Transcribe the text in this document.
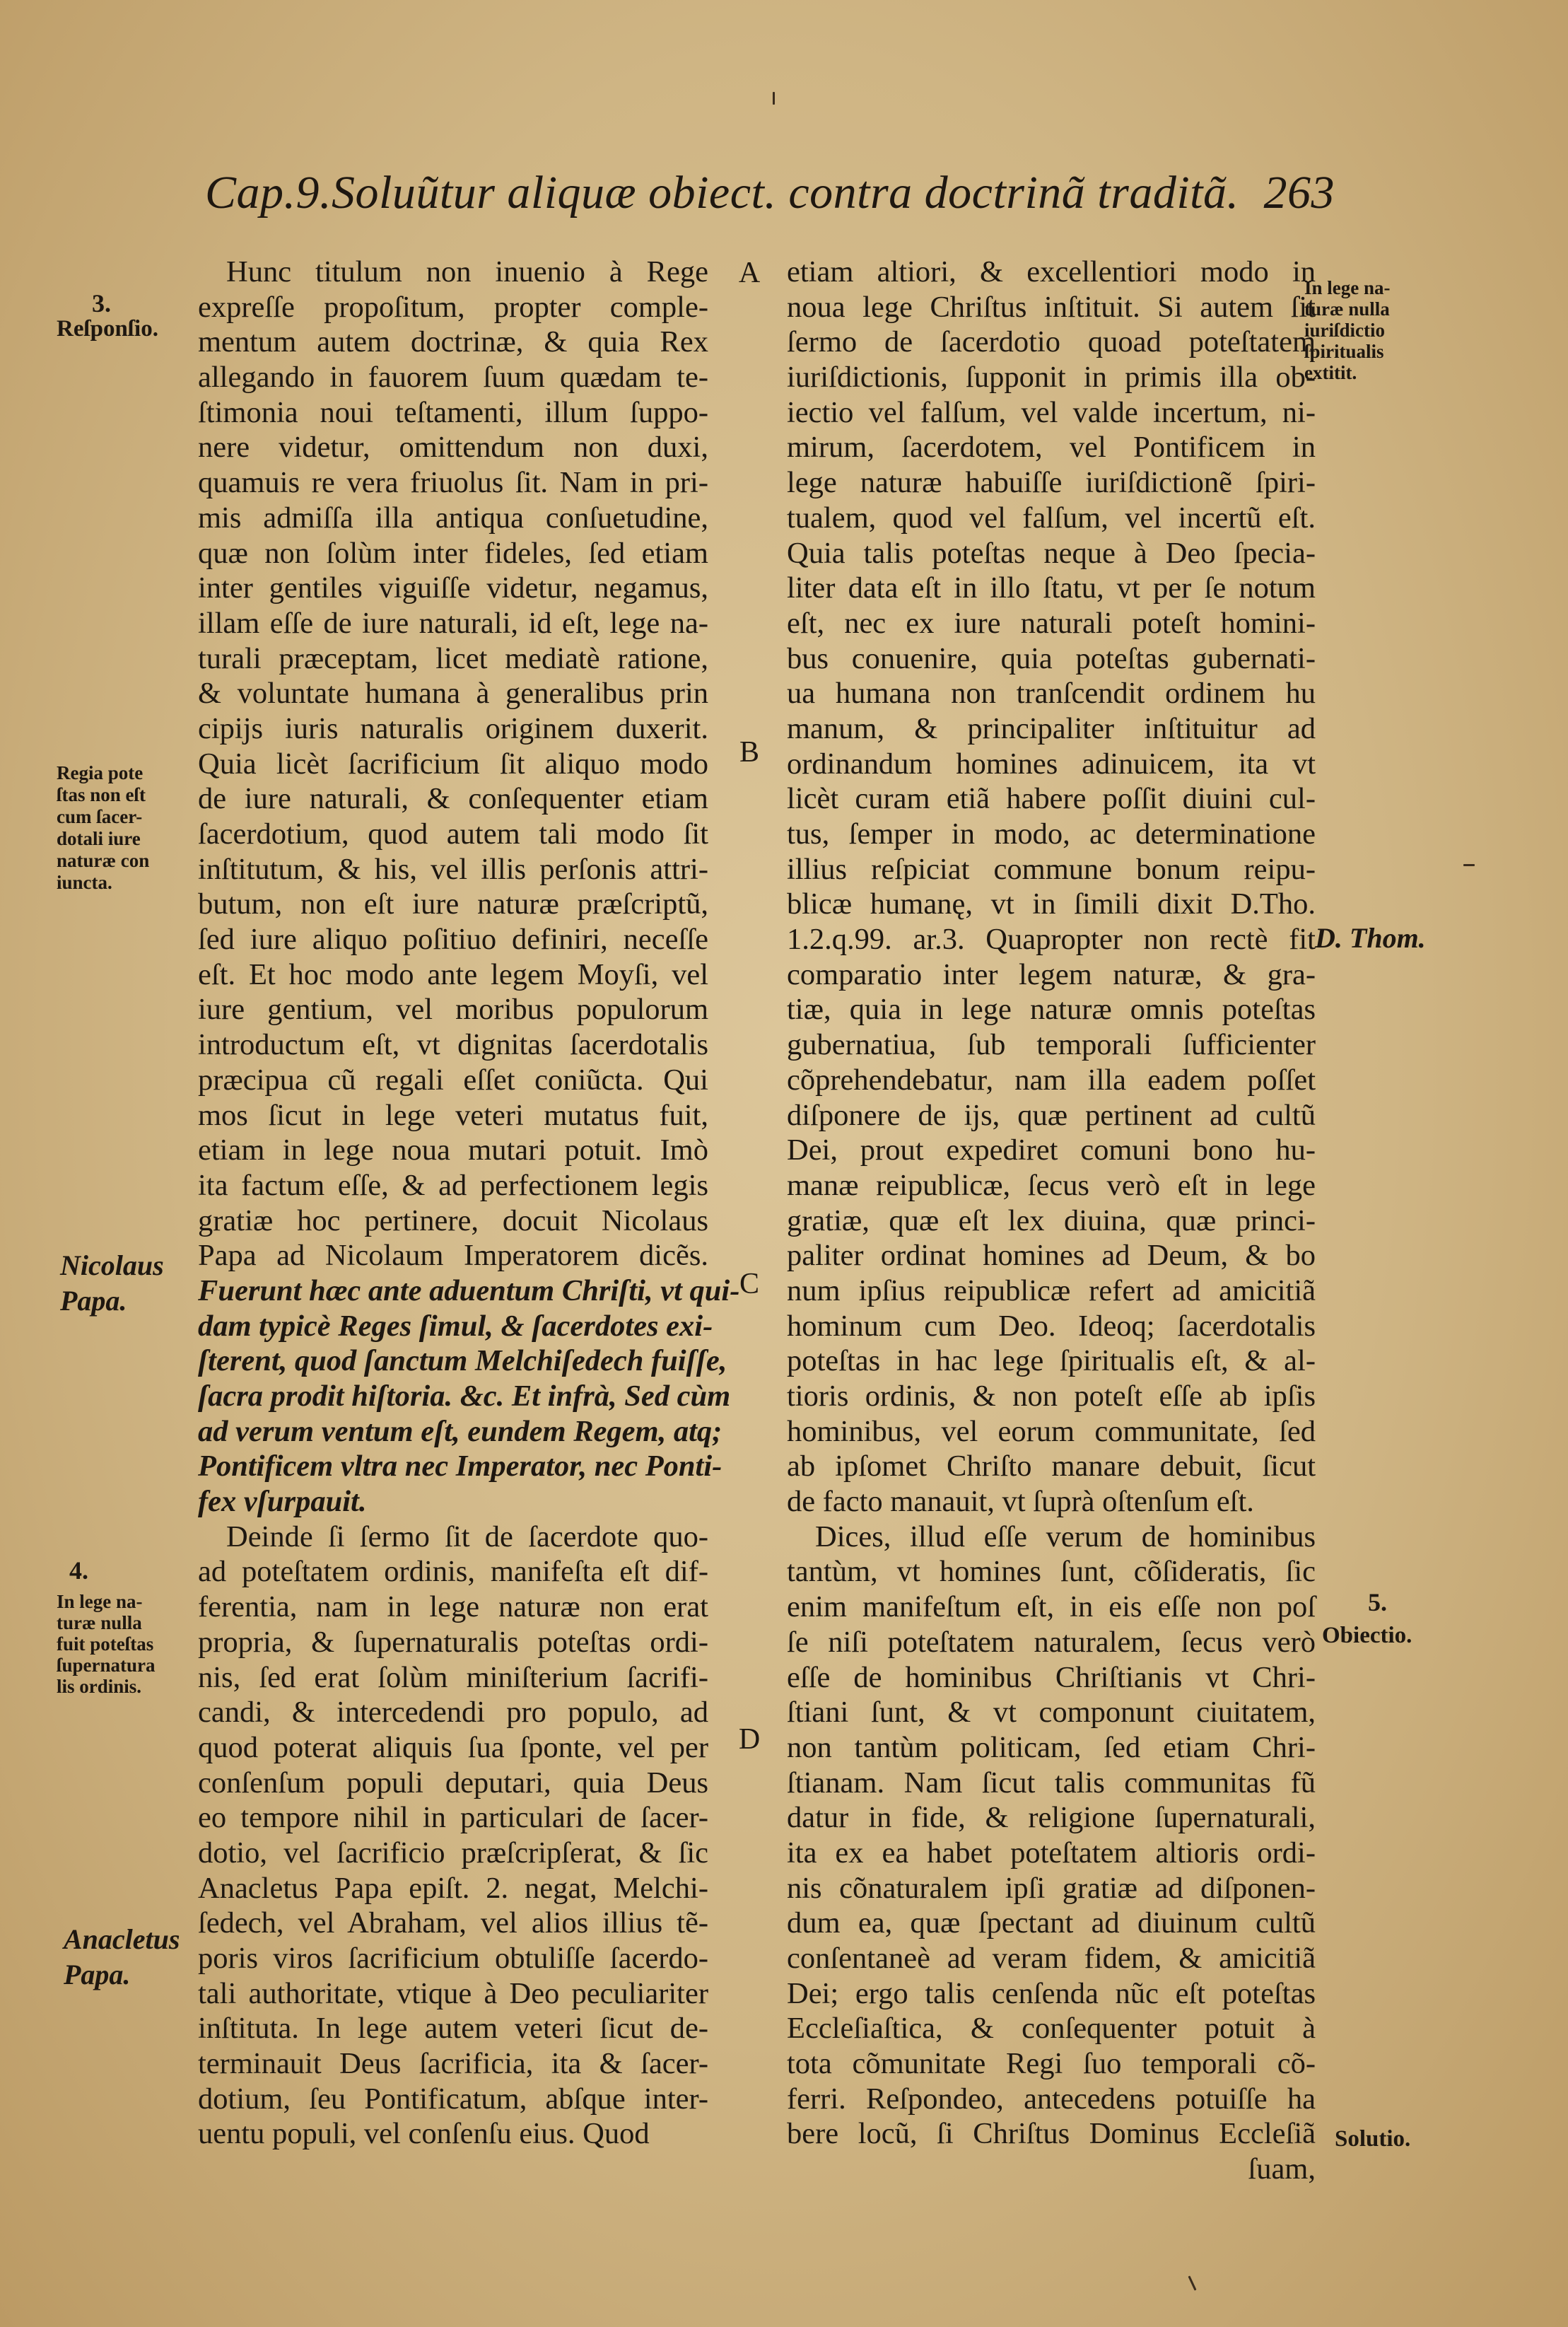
Cap.9.Soluũtur aliquæ obiect. contra doctrinã traditã. 263
3.
Reſponſio.
Regia pote
ſtas non eſt
cum ſacer-
dotali iure
naturæ con
iuncta.
Nicolaus
Papa.
4.
In lege na-
turæ nulla
fuit poteſtas
ſupernatura
lis ordinis.
Anacletus
Papa.
In lege na-
turæ nulla
iuriſdictio
ſpiritualis
extitit.
D. Thom.
5.
Obiectio.
Solutio.
A
B
C
D
Hunc titulum non inuenio à Rege
expreſſe propoſitum, propter comple-
mentum autem doctrinæ, & quia Rex
allegando in fauorem ſuum quædam te-
ſtimonia noui teſtamenti, illum ſuppo-
nere videtur, omittendum non duxi,
quamuis re vera friuolus ſit. Nam in pri-
mis admiſſa illa antiqua conſuetudine,
quæ non ſolùm inter fideles, ſed etiam
inter gentiles viguiſſe videtur, negamus,
illam eſſe de iure naturali, id eſt, lege na-
turali præceptam, licet mediatè ratione,
& voluntate humana à generalibus prin
cipijs iuris naturalis originem duxerit.
Quia licèt ſacrificium ſit aliquo modo
de iure naturali, & conſequenter etiam
ſacerdotium, quod autem tali modo ſit
inſtitutum, & his, vel illis perſonis attri-
butum, non eſt iure naturæ præſcriptũ,
ſed iure aliquo poſitiuo definiri, neceſſe
eſt. Et hoc modo ante legem Moyſi, vel
iure gentium, vel moribus populorum
introductum eſt, vt dignitas ſacerdotalis
præcipua cũ regali eſſet coniũcta. Qui
mos ſicut in lege veteri mutatus fuit,
etiam in lege noua mutari potuit. Imò
ita factum eſſe, & ad perfectionem legis
gratiæ hoc pertinere, docuit Nicolaus
Papa ad Nicolaum Imperatorem dicẽs.
Fuerunt hæc ante aduentum Chriſti, vt qui-
dam typicè Reges ſimul, & ſacerdotes exi-
ſterent, quod ſanctum Melchiſedech fuiſſe,
ſacra prodit hiſtoria. &c. Et infrà, Sed cùm
ad verum ventum eſt, eundem Regem, atq;
Pontificem vltra nec Imperator, nec Ponti-
fex vſurpauit.
Deinde ſi ſermo ſit de ſacerdote quo-
ad poteſtatem ordinis, manifeſta eſt dif-
ferentia, nam in lege naturæ non erat
propria, & ſupernaturalis poteſtas ordi-
nis, ſed erat ſolùm miniſterium ſacrifi-
candi, & intercedendi pro populo, ad
quod poterat aliquis ſua ſponte, vel per
conſenſum populi deputari, quia Deus
eo tempore nihil in particulari de ſacer-
dotio, vel ſacrificio præſcripſerat, & ſic
Anacletus Papa epiſt. 2. negat, Melchi-
ſedech, vel Abraham, vel alios illius tẽ-
poris viros ſacrificium obtuliſſe ſacerdo-
tali authoritate, vtique à Deo peculiariter
inſtituta. In lege autem veteri ſicut de-
terminauit Deus ſacrificia, ita & ſacer-
dotium, ſeu Pontificatum, abſque inter-
uentu populi, vel conſenſu eius. Quod
etiam altiori, & excellentiori modo in
noua lege Chriſtus inſtituit. Si autem ſit
ſermo de ſacerdotio quoad poteſtatem
iuriſdictionis, ſupponit in primis illa ob-
iectio vel falſum, vel valde incertum, ni-
mirum, ſacerdotem, vel Pontificem in
lege naturæ habuiſſe iuriſdictionẽ ſpiri-
tualem, quod vel falſum, vel incertũ eſt.
Quia talis poteſtas neque à Deo ſpecia-
liter data eſt in illo ſtatu, vt per ſe notum
eſt, nec ex iure naturali poteſt homini-
bus conuenire, quia poteſtas gubernati-
ua humana non tranſcendit ordinem hu
manum, & principaliter inſtituitur ad
ordinandum homines adinuicem, ita vt
licèt curam etiã habere poſſit diuini cul-
tus, ſemper in modo, ac determinatione
illius reſpiciat commune bonum reipu-
blicæ humanę, vt in ſimili dixit D.Tho.
1.2.q.99. ar.3. Quapropter non rectè fit
comparatio inter legem naturæ, & gra-
tiæ, quia in lege naturæ omnis poteſtas
gubernatiua, ſub temporali ſufficienter
cõprehendebatur, nam illa eadem poſſet
diſponere de ijs, quæ pertinent ad cultũ
Dei, prout expediret comuni bono hu-
manæ reipublicæ, ſecus verò eſt in lege
gratiæ, quæ eſt lex diuina, quæ princi-
paliter ordinat homines ad Deum, & bo
num ipſius reipublicæ refert ad amicitiã
hominum cum Deo. Ideoq; ſacerdotalis
poteſtas in hac lege ſpiritualis eſt, & al-
tioris ordinis, & non poteſt eſſe ab ipſis
hominibus, vel eorum communitate, ſed
ab ipſomet Chriſto manare debuit, ſicut
de facto manauit, vt ſuprà oſtenſum eſt.
Dices, illud eſſe verum de hominibus
tantùm, vt homines ſunt, cõſideratis, ſic
enim manifeſtum eſt, in eis eſſe non poſ
ſe niſi poteſtatem naturalem, ſecus verò
eſſe de hominibus Chriſtianis vt Chri-
ſtiani ſunt, & vt componunt ciuitatem,
non tantùm politicam, ſed etiam Chri-
ſtianam. Nam ſicut talis communitas fũ
datur in fide, & religione ſupernaturali,
ita ex ea habet poteſtatem altioris ordi-
nis cõnaturalem ipſi gratiæ ad diſponen-
dum ea, quæ ſpectant ad diuinum cultũ
conſentaneè ad veram fidem, & amicitiã
Dei; ergo talis cenſenda nũc eſt poteſtas
Eccleſiaſtica, & conſequenter potuit à
tota cõmunitate Regi ſuo temporali cõ-
ferri. Reſpondeo, antecedens potuiſſe ha
bere locũ, ſi Chriſtus Dominus Eccleſiã
ſuam,
